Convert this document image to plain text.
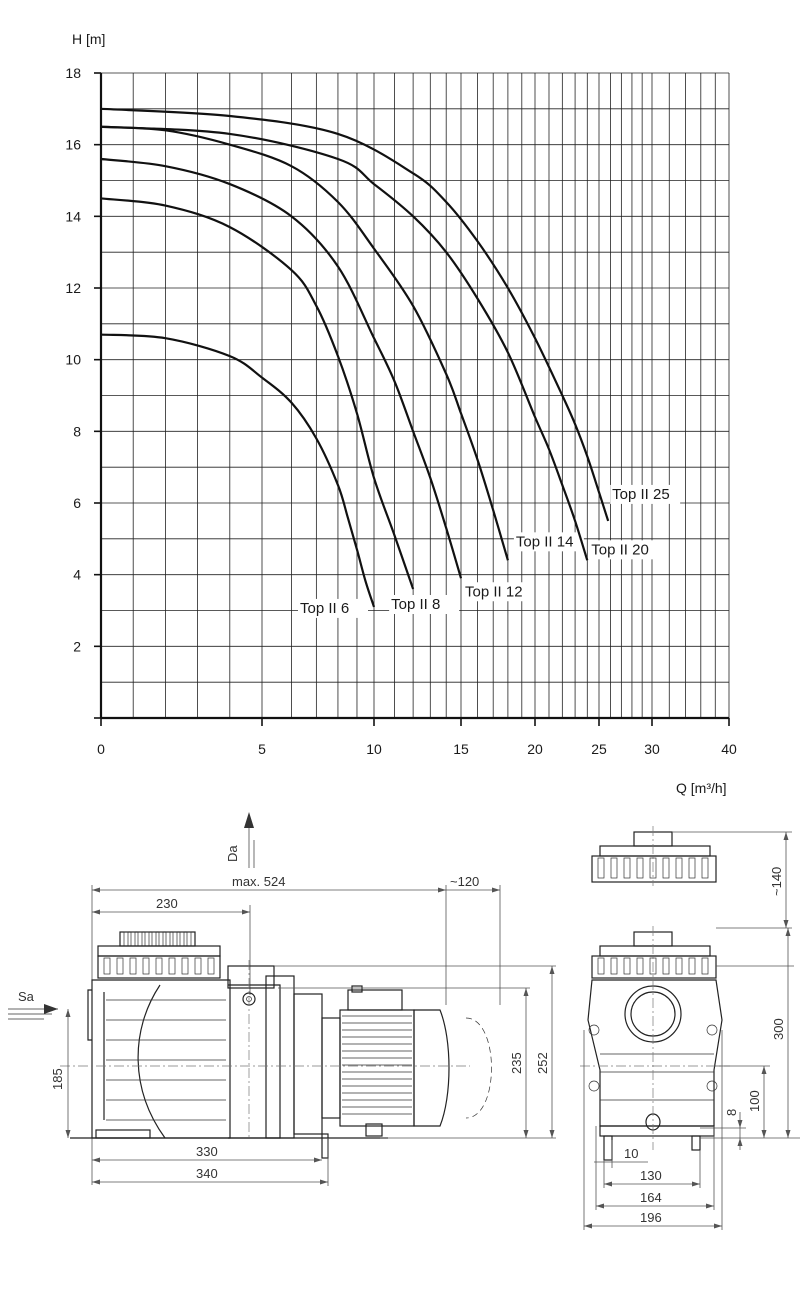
2
4
6
8
10
12
14
16
18
0	5	10	15	20	25	30	40
Top II 6	Top II 8
Top II 12
Top II 14 Top II 20
Top II 25
H [m]
Q [m³/h]
max. 524	~120
230
Sa
Da
185
235 252
330
340
~140
300
100
8
10
130
164
196
